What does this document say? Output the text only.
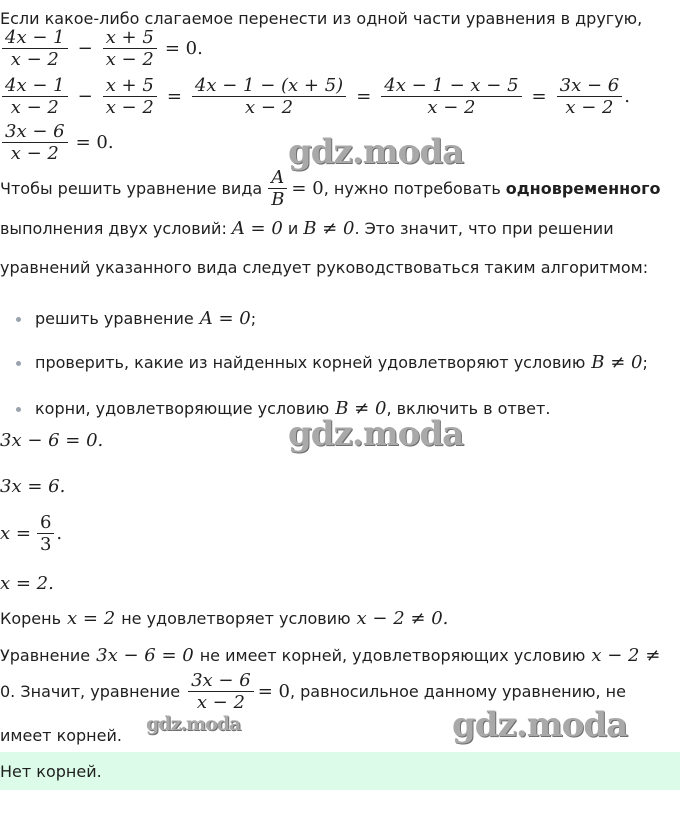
Если какое-либо слагаемое перенести из одной части уравнения в другую,
$\frac{4x - 1}{x - 2} - \frac{x + 5}{x - 2} = 0$.
$\frac{4x - 1}{x - 2} - \frac{x + 5}{x - 2} = \frac{4x - 1 - (x + 5)}{x - 2} = \frac{4x - 1 - x - 5}{x - 2} = \frac{3x - 6}{x - 2}$ .
$\frac{3x - 6}{x - 2} = 0$.	gdz.moda
Чтобы решить уравнение вида $\frac{A}{B} = 0$ , нужно потребовать одновременного
выполнения двух условий: A = 0 и B ≠ 0 . Это значит, что при решении
уравнений указанного вида следует руководствоваться таким алгоритмом:
решить уравнение A = 0 ;
проверить, какие из найденных корней удовлетворяют условию B ≠ 0 ;
корни, удовлетворяющие условию B ≠ 0 , включить в ответ.
3x − 6 = 0.	gdz.moda
3x = 6.
$x = \frac{6}{3}$ .
x = 2.
Корень x = 2 не удовлетворяет условию x − 2 ≠ 0.
Уравнение 3x − 6 = 0 не имеет корней, удовлетворяющих условию x − 2 ≠
0. Значит, уравнение $\frac{3x - 6}{x - 2} = 0$ , равносильное данному уравнению, не
имеет корней.
gdz.moda	gdz.moda
Нет корней.
